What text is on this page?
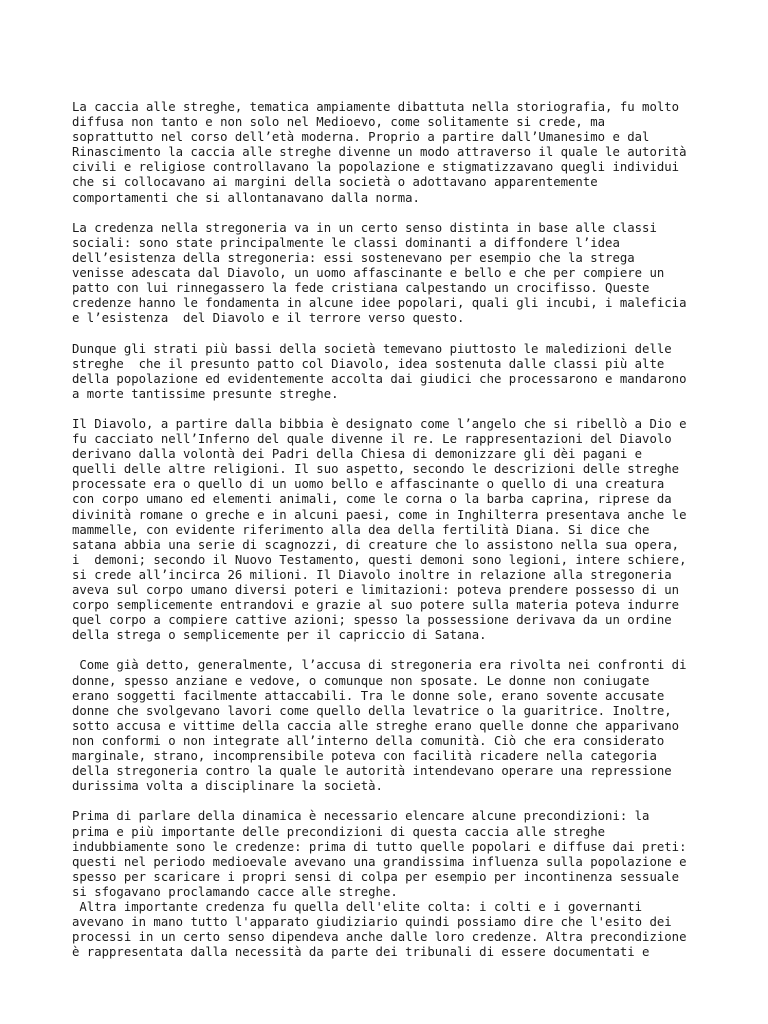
La caccia alle streghe, tematica ampiamente dibattuta nella storiografia, fu molto
diffusa non tanto e non solo nel Medioevo, come solitamente si crede, ma
soprattutto nel corso dell’età moderna. Proprio a partire dall’Umanesimo e dal
Rinascimento la caccia alle streghe divenne un modo attraverso il quale le autorità
civili e religiose controllavano la popolazione e stigmatizzavano quegli individui
che si collocavano ai margini della società o adottavano apparentemente
comportamenti che si allontanavano dalla norma.

La credenza nella stregoneria va in un certo senso distinta in base alle classi
sociali: sono state principalmente le classi dominanti a diffondere l’idea
dell’esistenza della stregoneria: essi sostenevano per esempio che la strega
venisse adescata dal Diavolo, un uomo affascinante e bello e che per compiere un
patto con lui rinnegassero la fede cristiana calpestando un crocifisso. Queste
credenze hanno le fondamenta in alcune idee popolari, quali gli incubi, i maleficia
e l’esistenza  del Diavolo e il terrore verso questo.

Dunque gli strati più bassi della società temevano piuttosto le maledizioni delle
streghe  che il presunto patto col Diavolo, idea sostenuta dalle classi più alte
della popolazione ed evidentemente accolta dai giudici che processarono e mandarono
a morte tantissime presunte streghe.

Il Diavolo, a partire dalla bibbia è designato come l’angelo che si ribellò a Dio e
fu cacciato nell’Inferno del quale divenne il re. Le rappresentazioni del Diavolo
derivano dalla volontà dei Padri della Chiesa di demonizzare gli dèi pagani e
quelli delle altre religioni. Il suo aspetto, secondo le descrizioni delle streghe
processate era o quello di un uomo bello e affascinante o quello di una creatura
con corpo umano ed elementi animali, come le corna o la barba caprina, riprese da
divinità romane o greche e in alcuni paesi, come in Inghilterra presentava anche le
mammelle, con evidente riferimento alla dea della fertilità Diana. Si dice che
satana abbia una serie di scagnozzi, di creature che lo assistono nella sua opera,
i  demoni; secondo il Nuovo Testamento, questi demoni sono legioni, intere schiere,
si crede all’incirca 26 milioni. Il Diavolo inoltre in relazione alla stregoneria
aveva sul corpo umano diversi poteri e limitazioni: poteva prendere possesso di un
corpo semplicemente entrandovi e grazie al suo potere sulla materia poteva indurre
quel corpo a compiere cattive azioni; spesso la possessione derivava da un ordine
della strega o semplicemente per il capriccio di Satana.

Come già detto, generalmente, l’accusa di stregoneria era rivolta nei confronti di
donne, spesso anziane e vedove, o comunque non sposate. Le donne non coniugate
erano soggetti facilmente attaccabili. Tra le donne sole, erano sovente accusate
donne che svolgevano lavori come quello della levatrice o la guaritrice. Inoltre,
sotto accusa e vittime della caccia alle streghe erano quelle donne che apparivano
non conformi o non integrate all’interno della comunità. Ciò che era considerato
marginale, strano, incomprensibile poteva con facilità ricadere nella categoria
della stregoneria contro la quale le autorità intendevano operare una repressione
durissima volta a disciplinare la società.

Prima di parlare della dinamica è necessario elencare alcune precondizioni: la
prima e più importante delle precondizioni di questa caccia alle streghe
indubbiamente sono le credenze: prima di tutto quelle popolari e diffuse dai preti:
questi nel periodo medioevale avevano una grandissima influenza sulla popolazione e
spesso per scaricare i propri sensi di colpa per esempio per incontinenza sessuale
si sfogavano proclamando cacce alle streghe.

Altra importante credenza fu quella dell'elite colta: i colti e i governanti
avevano in mano tutto l'apparato giudiziario quindi possiamo dire che l'esito dei
processi in un certo senso dipendeva anche dalle loro credenze. Altra precondizione
è rappresentata dalla necessità da parte dei tribunali di essere documentati e
